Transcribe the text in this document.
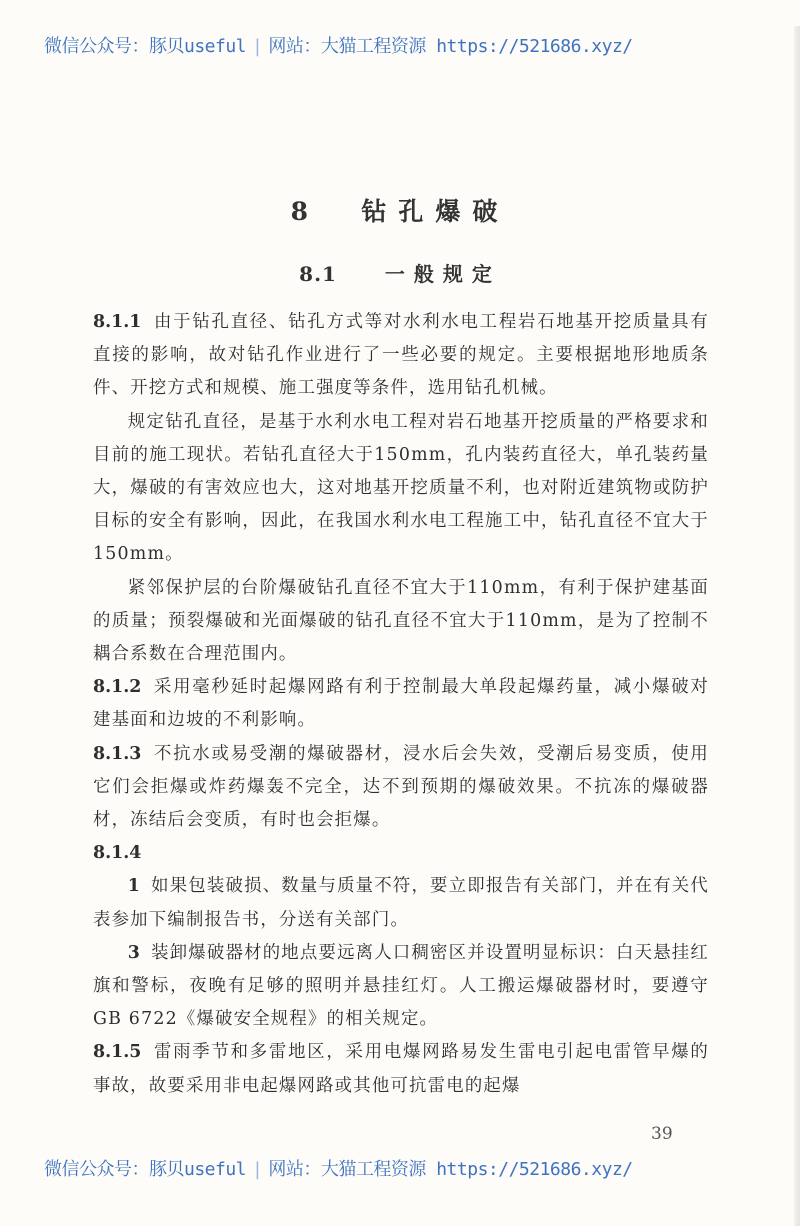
微信公众号：豚贝useful | 网站：大猫工程资源 https://521686.xyz/
8 钻孔爆破
8.1 一般规定

8.1.1 由于钻孔直径、钻孔方式等对水利水电工程岩石地基开挖质量具有直接的影响，故对钻孔作业进行了一些必要的规定。主要根据地形地质条件、开挖方式和规模、施工强度等条件，选用钻孔机械。

规定钻孔直径，是基于水利水电工程对岩石地基开挖质量的严格要求和目前的施工现状。若钻孔直径大于150mm，孔内装药直径大，单孔装药量大，爆破的有害效应也大，这对地基开挖质量不利，也对附近建筑物或防护目标的安全有影响，因此，在我国水利水电工程施工中，钻孔直径不宜大于150mm。

紧邻保护层的台阶爆破钻孔直径不宜大于110mm，有利于保护建基面的质量；预裂爆破和光面爆破的钻孔直径不宜大于110mm，是为了控制不耦合系数在合理范围内。

8.1.2 采用毫秒延时起爆网路有利于控制最大单段起爆药量，减小爆破对建基面和边坡的不利影响。

8.1.3 不抗水或易受潮的爆破器材，浸水后会失效，受潮后易变质，使用它们会拒爆或炸药爆轰不完全，达不到预期的爆破效果。不抗冻的爆破器材，冻结后会变质，有时也会拒爆。

8.1.4

1 如果包装破损、数量与质量不符，要立即报告有关部门，并在有关代表参加下编制报告书，分送有关部门。

3 装卸爆破器材的地点要远离人口稠密区并设置明显标识：白天悬挂红旗和警标，夜晚有足够的照明并悬挂红灯。人工搬运爆破器材时，要遵守 GB 6722《爆破安全规程》的相关规定。

8.1.5 雷雨季节和多雷地区，采用电爆网路易发生雷电引起电雷管早爆的事故，故要采用非电起爆网路或其他可抗雷电的起爆

39
微信公众号：豚贝useful | 网站：大猫工程资源 https://521686.xyz/
